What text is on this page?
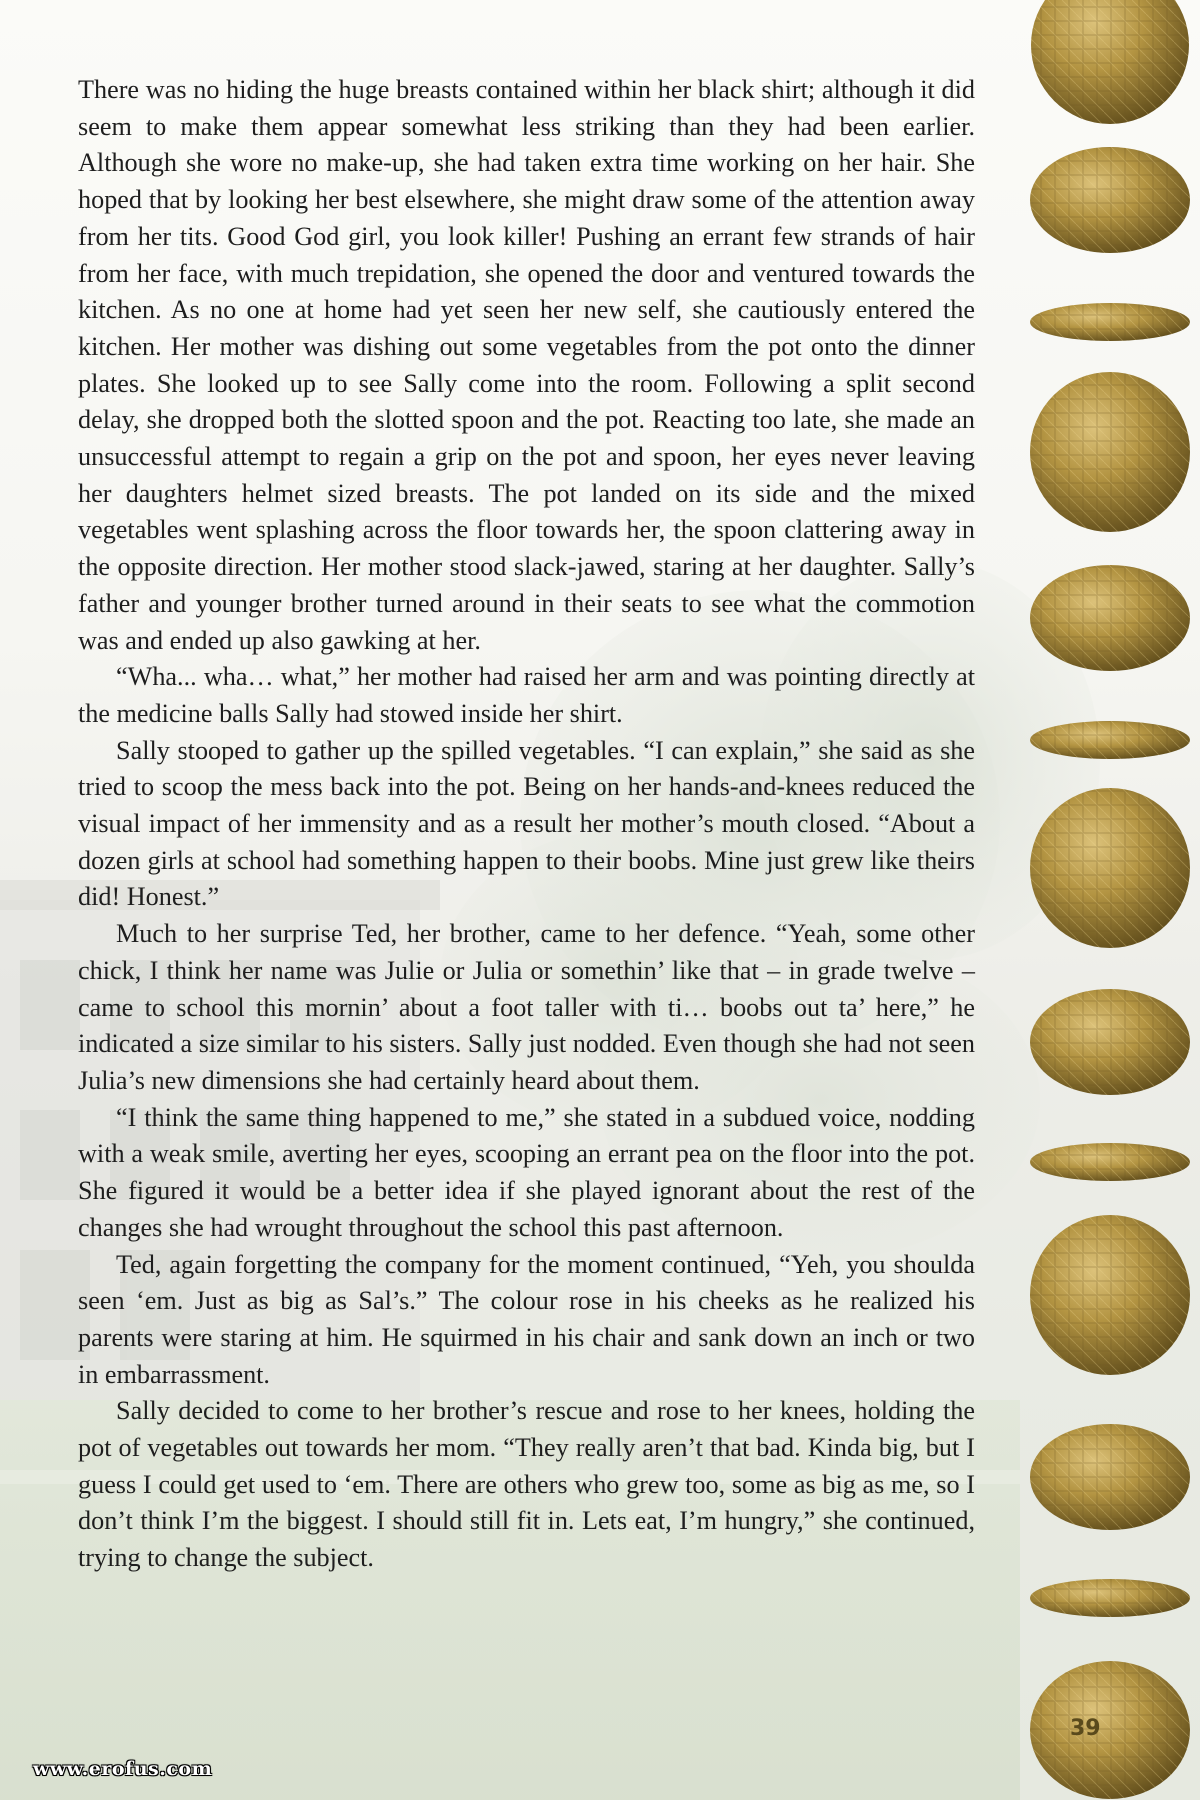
There was no hiding the huge breasts contained within her black shirt; although it did seem to make them appear somewhat less striking than they had been earlier. Although she wore no make-up, she had taken extra time working on her hair. She hoped that by looking her best elsewhere, she might draw some of the attention away from her tits. Good God girl, you look killer! Pushing an errant few strands of hair from her face, with much trepidation, she opened the door and ventured towards the kitchen. As no one at home had yet seen her new self, she cautiously entered the kitchen. Her mother was dishing out some vegetables from the pot onto the dinner plates. She looked up to see Sally come into the room. Following a split second delay, she dropped both the slotted spoon and the pot. Reacting too late, she made an unsuccessful attempt to regain a grip on the pot and spoon, her eyes never leaving her daughters helmet sized breasts. The pot landed on its side and the mixed vegetables went splashing across the floor towards her, the spoon clattering away in the opposite direction. Her mother stood slack-jawed, staring at her daughter. Sally’s father and younger brother turned around in their seats to see what the commotion was and ended up also gawking at her.

“Wha... wha… what,” her mother had raised her arm and was pointing directly at the medicine balls Sally had stowed inside her shirt.

Sally stooped to gather up the spilled vegetables. “I can explain,” she said as she tried to scoop the mess back into the pot. Being on her hands-and-knees reduced the visual impact of her immensity and as a result her mother’s mouth closed. “About a dozen girls at school had something happen to their boobs. Mine just grew like theirs did! Honest.”

Much to her surprise Ted, her brother, came to her defence. “Yeah, some other chick, I think her name was Julie or Julia or somethin’ like that – in grade twelve – came to school this mornin’ about a foot taller with ti… boobs out ta’ here,” he indicated a size similar to his sisters. Sally just nodded. Even though she had not seen Julia’s new dimensions she had certainly heard about them.

“I think the same thing happened to me,” she stated in a subdued voice, nodding with a weak smile, averting her eyes, scooping an errant pea on the floor into the pot. She figured it would be a better idea if she played ignorant about the rest of the changes she had wrought throughout the school this past afternoon.

Ted, again forgetting the company for the moment continued, “Yeh, you shoulda seen ‘em. Just as big as Sal’s.” The colour rose in his cheeks as he realized his parents were staring at him. He squirmed in his chair and sank down an inch or two in embarrassment.

Sally decided to come to her brother’s rescue and rose to her knees, holding the pot of vegetables out towards her mom. “They really aren’t that bad. Kinda big, but I guess I could get used to ‘em. There are others who grew too, some as big as me, so I don’t think I’m the biggest. I should still fit in. Lets eat, I’m hungry,” she continued, trying to change the subject.

39
www.erofus.com
